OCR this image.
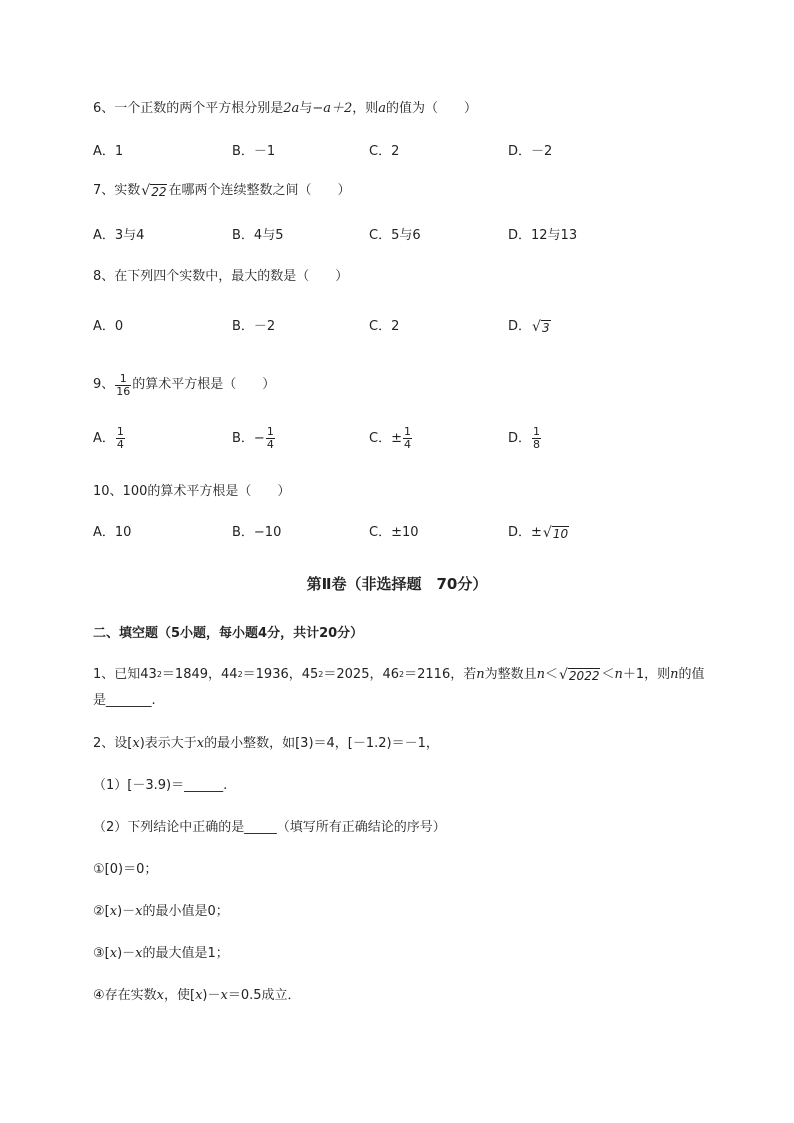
6、一个正数的两个平方根分别是2a与−a＋2，则a的值为（　　）
A．1	B．－1	C．2	D．－2
7、实数 √ 22 在哪两个连续整数之间（　　）
A．3与4	B．4与5	C．5与6	D．12与13
8、在下列四个实数中，最大的数是（　　）
A．0	B．－2	C．2	D． √ 3
9、 $\frac{1}{16}$ 的算术平方根是（　　）
A． $\frac{1}{4}$	B．− $\frac{1}{4}$	C．± $\frac{1}{4}$	D． $\frac{1}{8}$
10、100的算术平方根是（　　）
A．10	B．−10	C．±10	D．± √ 10
第Ⅱ卷（非选择题　70分）
二、填空题（5小题，每小题4分，共计20分）
1、已知43 2 ＝1849，44 2 ＝1936，45 2 ＝2025，46 2 ＝2116，若 n 为整数且 n ＜ √ 2022 ＜ n ＋1，则 n 的值
是_______.
2、设[x)表示大于x的最小整数，如[3)＝4，[－1.2)＝－1，
（1）[－3.9)＝______.
（2）下列结论中正确的是_____（填写所有正确结论的序号）
①[0)＝0；
②[x)－x的最小值是0；
③[x)－x的最大值是1；
④存在实数x，使[x)－x＝0.5成立．
